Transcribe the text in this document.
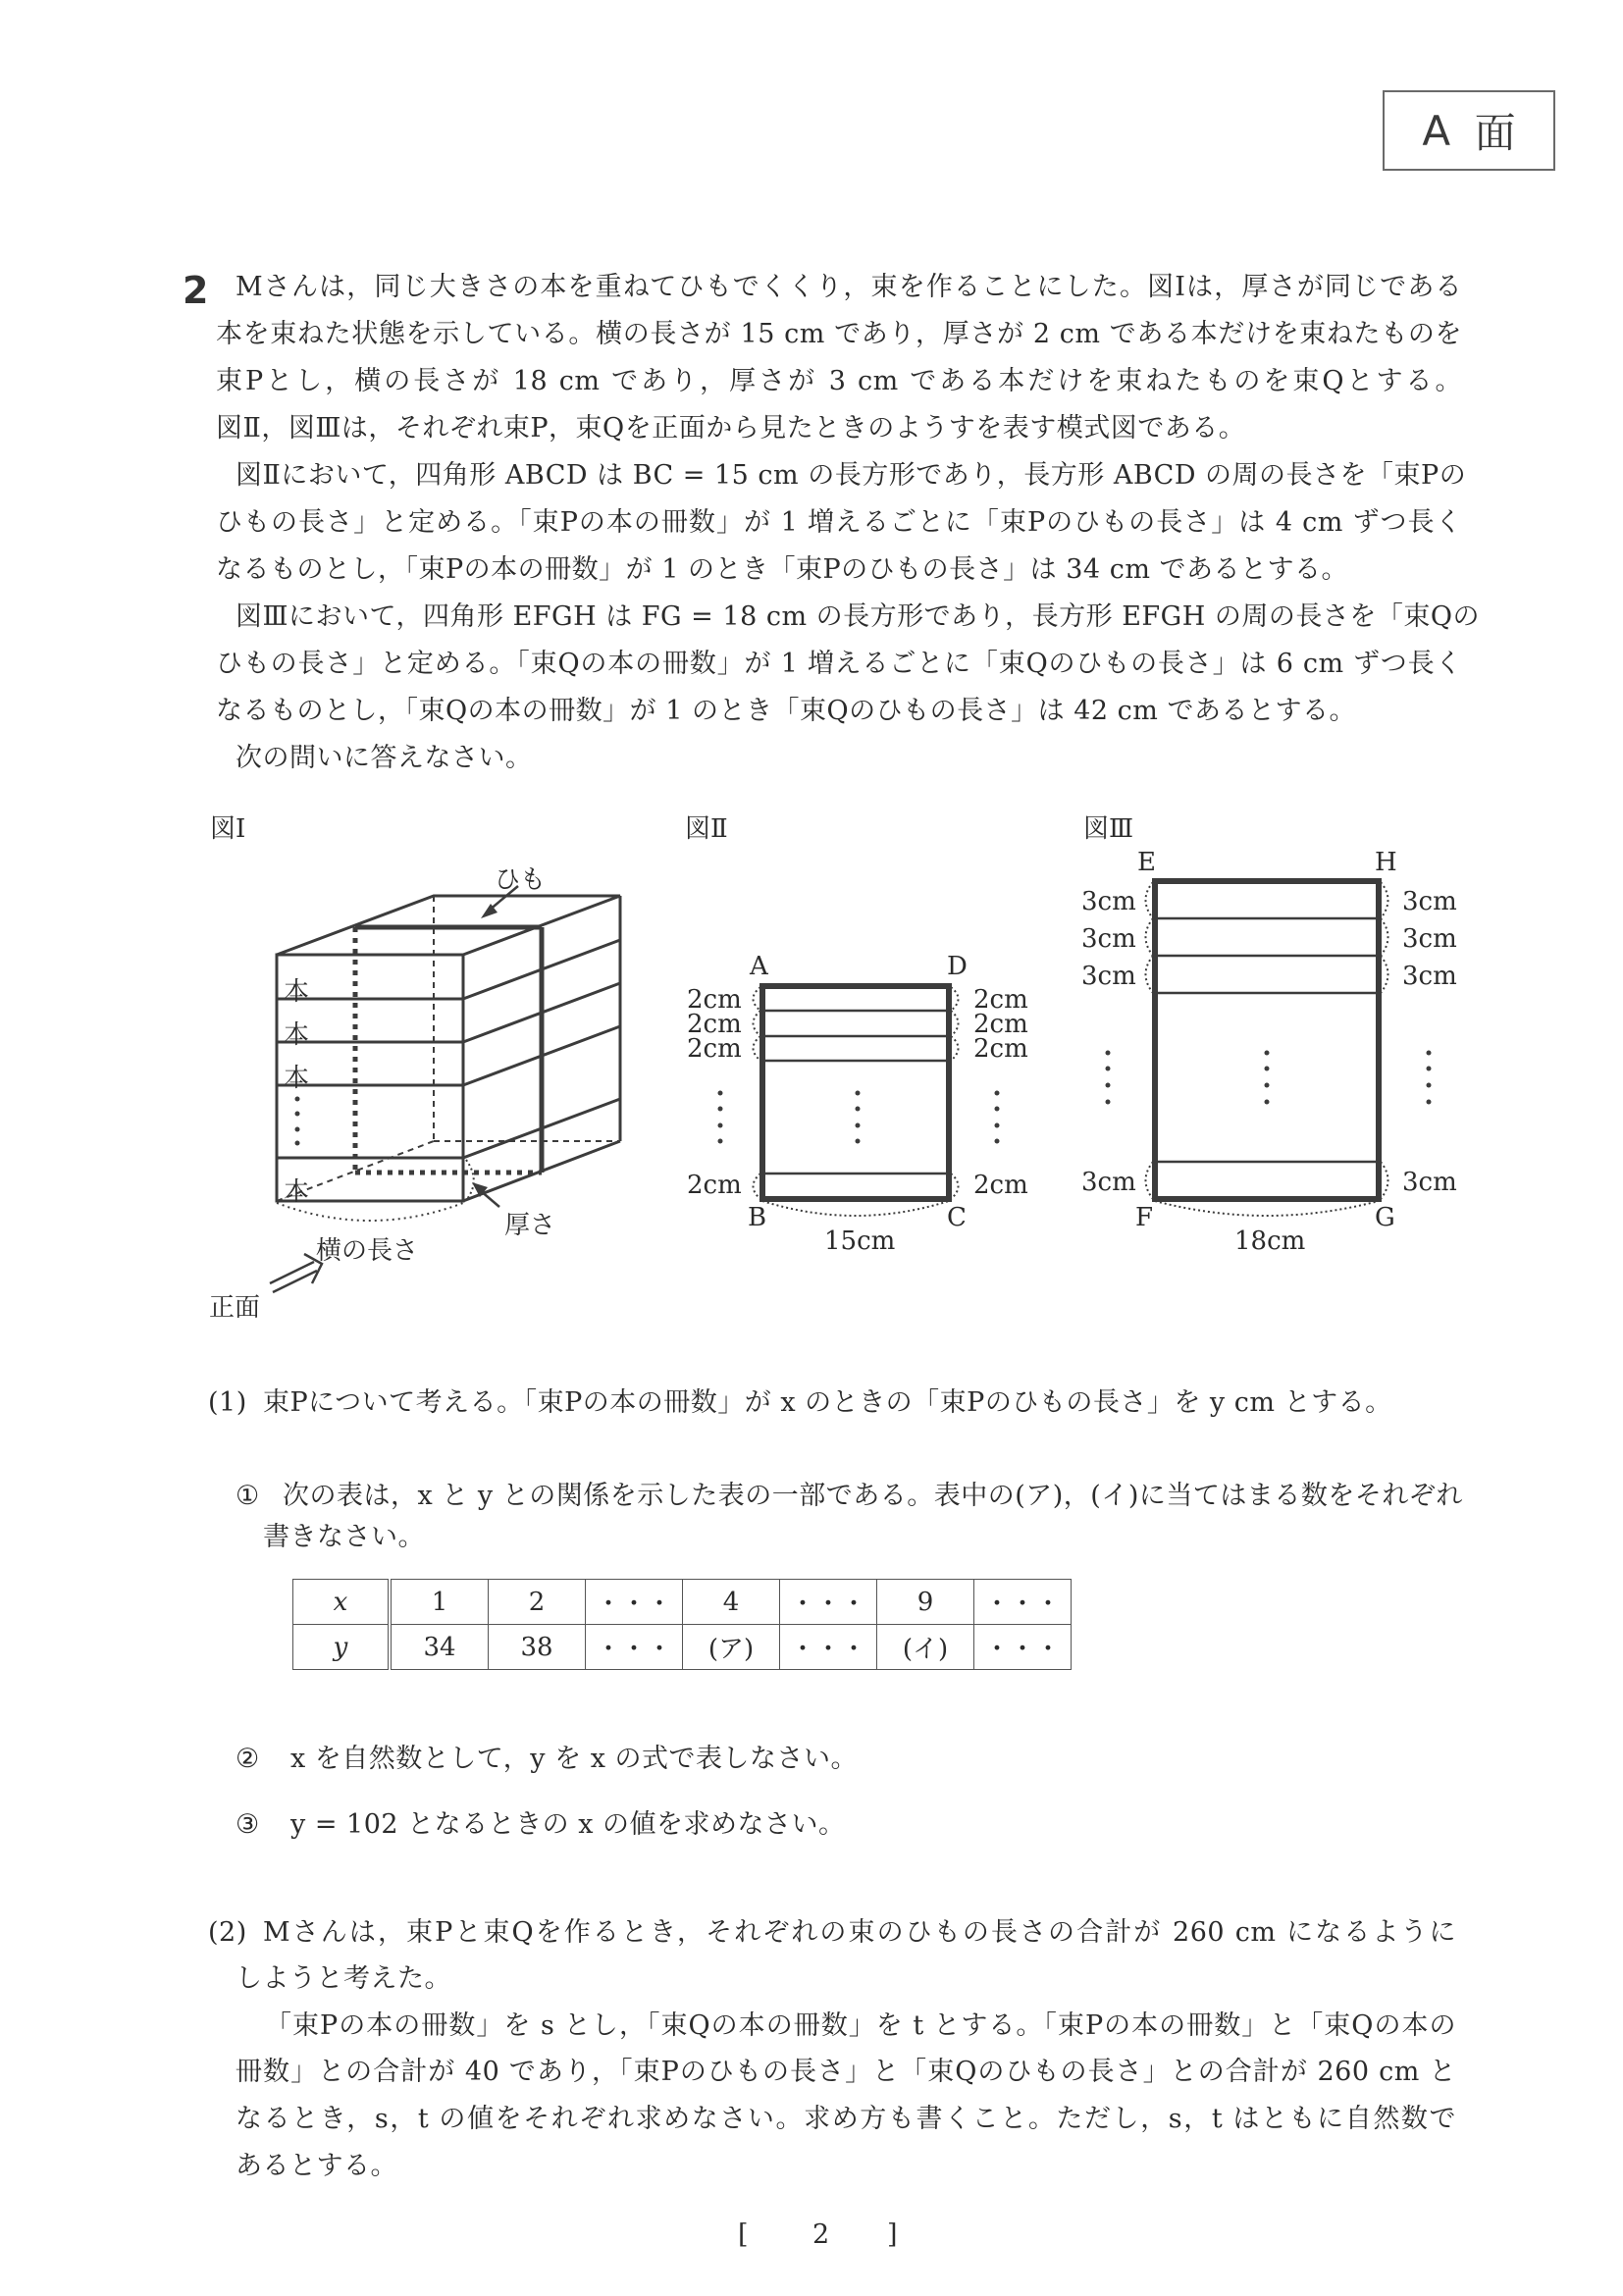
A 面
2 Mさんは，同じ大きさの本を重ねてひもでくくり，束を作ることにした。図Ⅰは，厚さが同じである
本を束ねた状態を示している。横の長さが 15 cm であり，厚さが 2 cm である本だけを束ねたものを
束Pとし，横の長さが 18 cm であり，厚さが 3 cm である本だけを束ねたものを束Qとする。
図Ⅱ，図Ⅲは，それぞれ束P，束Qを正面から見たときのようすを表す模式図である。
図Ⅱにおいて，四角形 ABCD は BC = 15 cm の長方形であり，長方形 ABCD の周の長さを「束Pの
ひもの長さ」と定める。「束Pの本の冊数」が 1 増えるごとに「束Pのひもの長さ」は 4 cm ずつ長く
なるものとし，「束Pの本の冊数」が 1 のとき「束Pのひもの長さ」は 34 cm であるとする。
図Ⅲにおいて，四角形 EFGH は FG = 18 cm の長方形であり，長方形 EFGH の周の長さを「束Qの
ひもの長さ」と定める。「束Qの本の冊数」が 1 増えるごとに「束Qのひもの長さ」は 6 cm ずつ長く
なるものとし，「束Qの本の冊数」が 1 のとき「束Qのひもの長さ」は 42 cm であるとする。
次の問いに答えなさい。
図Ⅰ
ひも
本
本
本
本
厚さ
横の長さ
正面
図Ⅱ
A	D
B	C
2cm
2cm
2cm
2cm
2cm
2cm
2cm
2cm
15cm
図Ⅲ
E	H
F	G
3cm
3cm
3cm
3cm
3cm
3cm
3cm
3cm
18cm
(1) 束Pについて考える。「束Pの本の冊数」が x のときの「束Pのひもの長さ」を y cm とする。
① 次の表は，x と y との関係を示した表の一部である。表中の(ア)，(イ)に当てはまる数をそれぞれ
書きなさい。
x	1	2	・・・	4	・・・	9	・・・
y	34	38	・・・	(ア)	・・・	(イ)	・・・
② x を自然数として，y を x の式で表しなさい。
③ y = 102 となるときの x の値を求めなさい。
(2) Mさんは，束Pと束Qを作るとき，それぞれの束のひもの長さの合計が 260 cm になるように
しようと考えた。
「束Pの本の冊数」を s とし，「束Qの本の冊数」を t とする。「束Pの本の冊数」と「束Qの本の
冊数」との合計が 40 であり，「束Pのひもの長さ」と「束Qのひもの長さ」との合計が 260 cm と
なるとき，s，t の値をそれぞれ求めなさい。求め方も書くこと。ただし，s，t はともに自然数で
あるとする。
[ 2 ]
